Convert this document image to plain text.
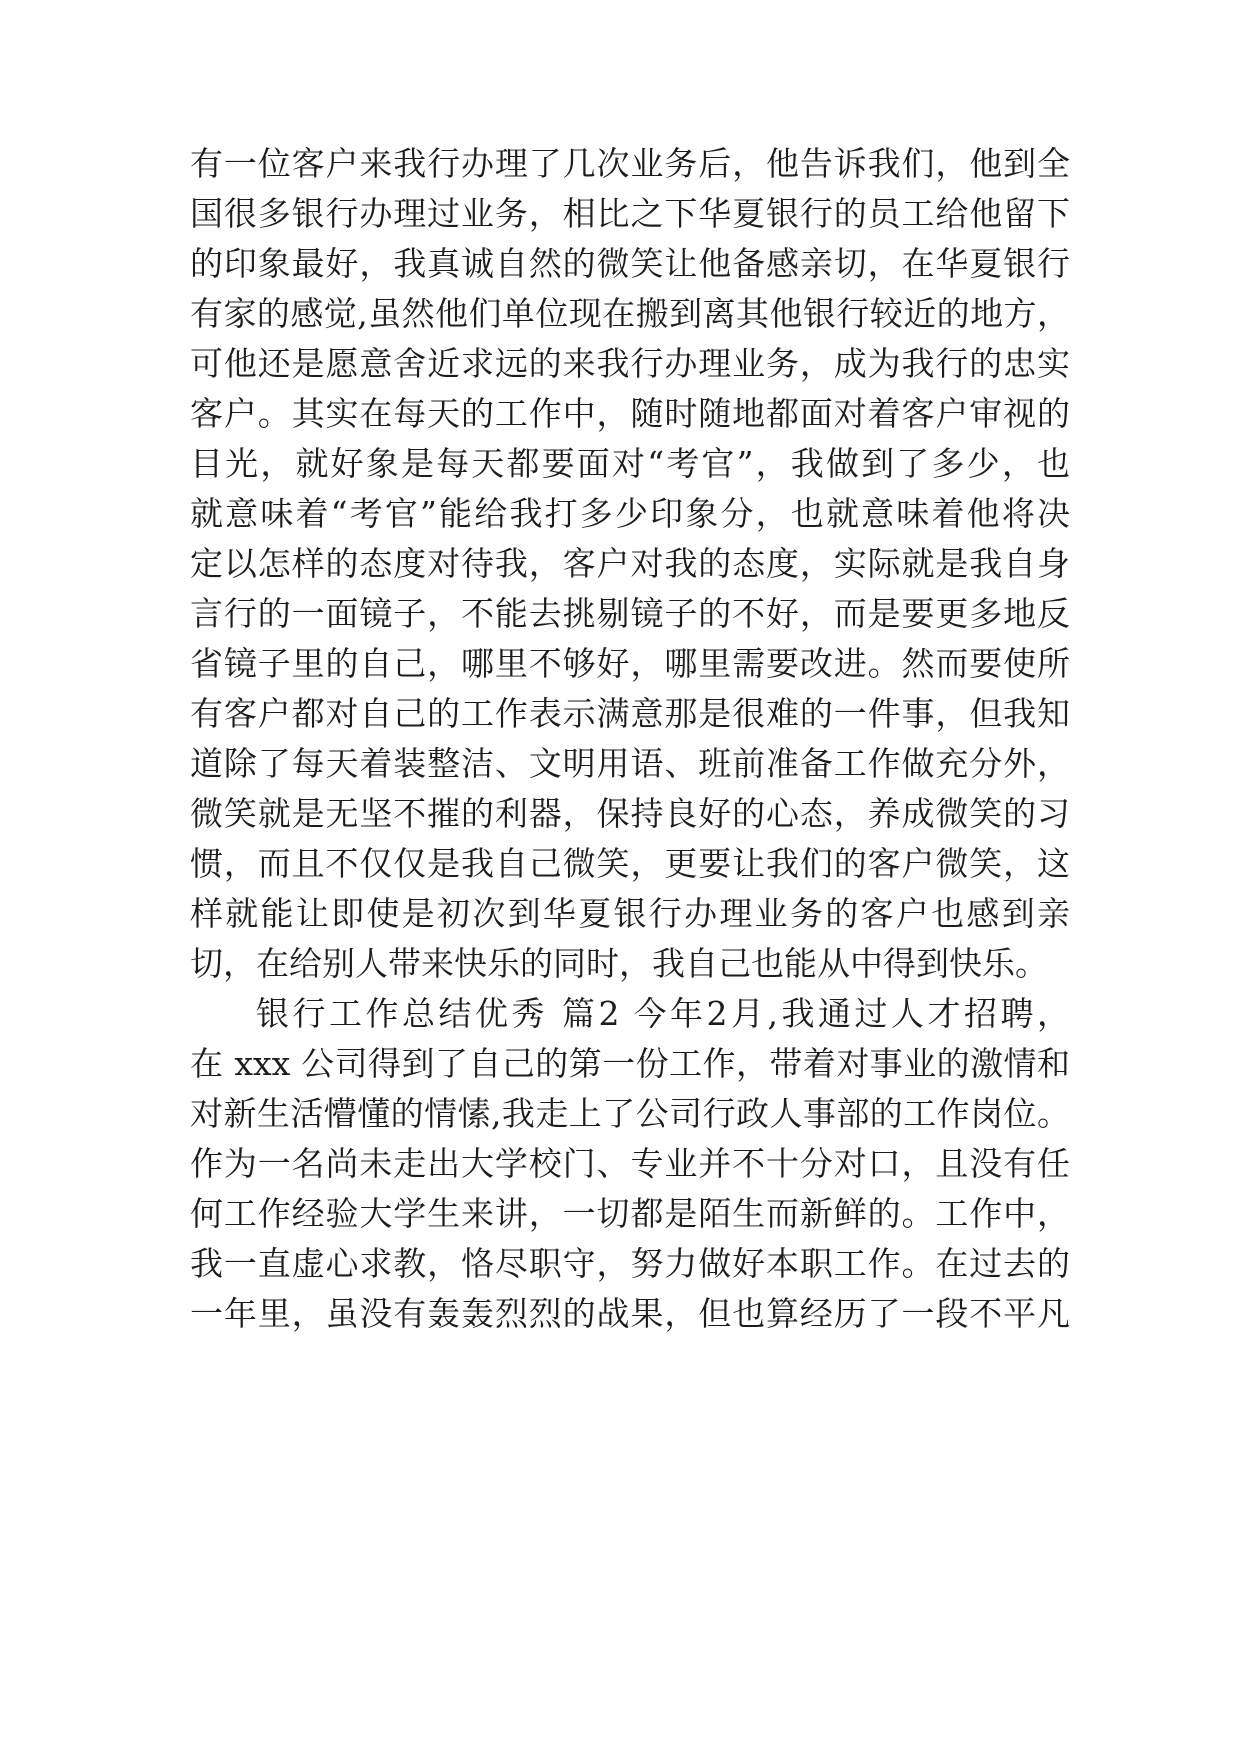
有一位客户来我行办理了几次业务后，他告诉我们，他到全
国很多银行办理过业务，相比之下华夏银行的员工给他留下
的印象最好，我真诚自然的微笑让他备感亲切，在华夏银行
有家的感觉,虽然他们单位现在搬到离其他银行较近的地方，
可他还是愿意舍近求远的来我行办理业务，成为我行的忠实
客户。其实在每天的工作中，随时随地都面对着客户审视的
目光，就好象是每天都要面对“考官”，我做到了多少，也
就意味着“考官”能给我打多少印象分，也就意味着他将决
定以怎样的态度对待我，客户对我的态度，实际就是我自身
言行的一面镜子，不能去挑剔镜子的不好，而是要更多地反
省镜子里的自己，哪里不够好，哪里需要改进。然而要使所
有客户都对自己的工作表示满意那是很难的一件事，但我知
道除了每天着装整洁、文明用语、班前准备工作做充分外，
微笑就是无坚不摧的利器，保持良好的心态，养成微笑的习
惯，而且不仅仅是我自己微笑，更要让我们的客户微笑，这
样就能让即使是初次到华夏银行办理业务的客户也感到亲
切，在给别人带来快乐的同时，我自己也能从中得到快乐。
银行工作总结优秀 篇2 今年2月,我通过人才招聘，
在 xxx 公司得到了自己的第一份工作，带着对事业的激情和
对新生活懵懂的情愫,我走上了公司行政人事部的工作岗位。
作为一名尚未走出大学校门、专业并不十分对口，且没有任
何工作经验大学生来讲，一切都是陌生而新鲜的。工作中，
我一直虚心求教，恪尽职守，努力做好本职工作。在过去的
一年里，虽没有轰轰烈烈的战果，但也算经历了一段不平凡
